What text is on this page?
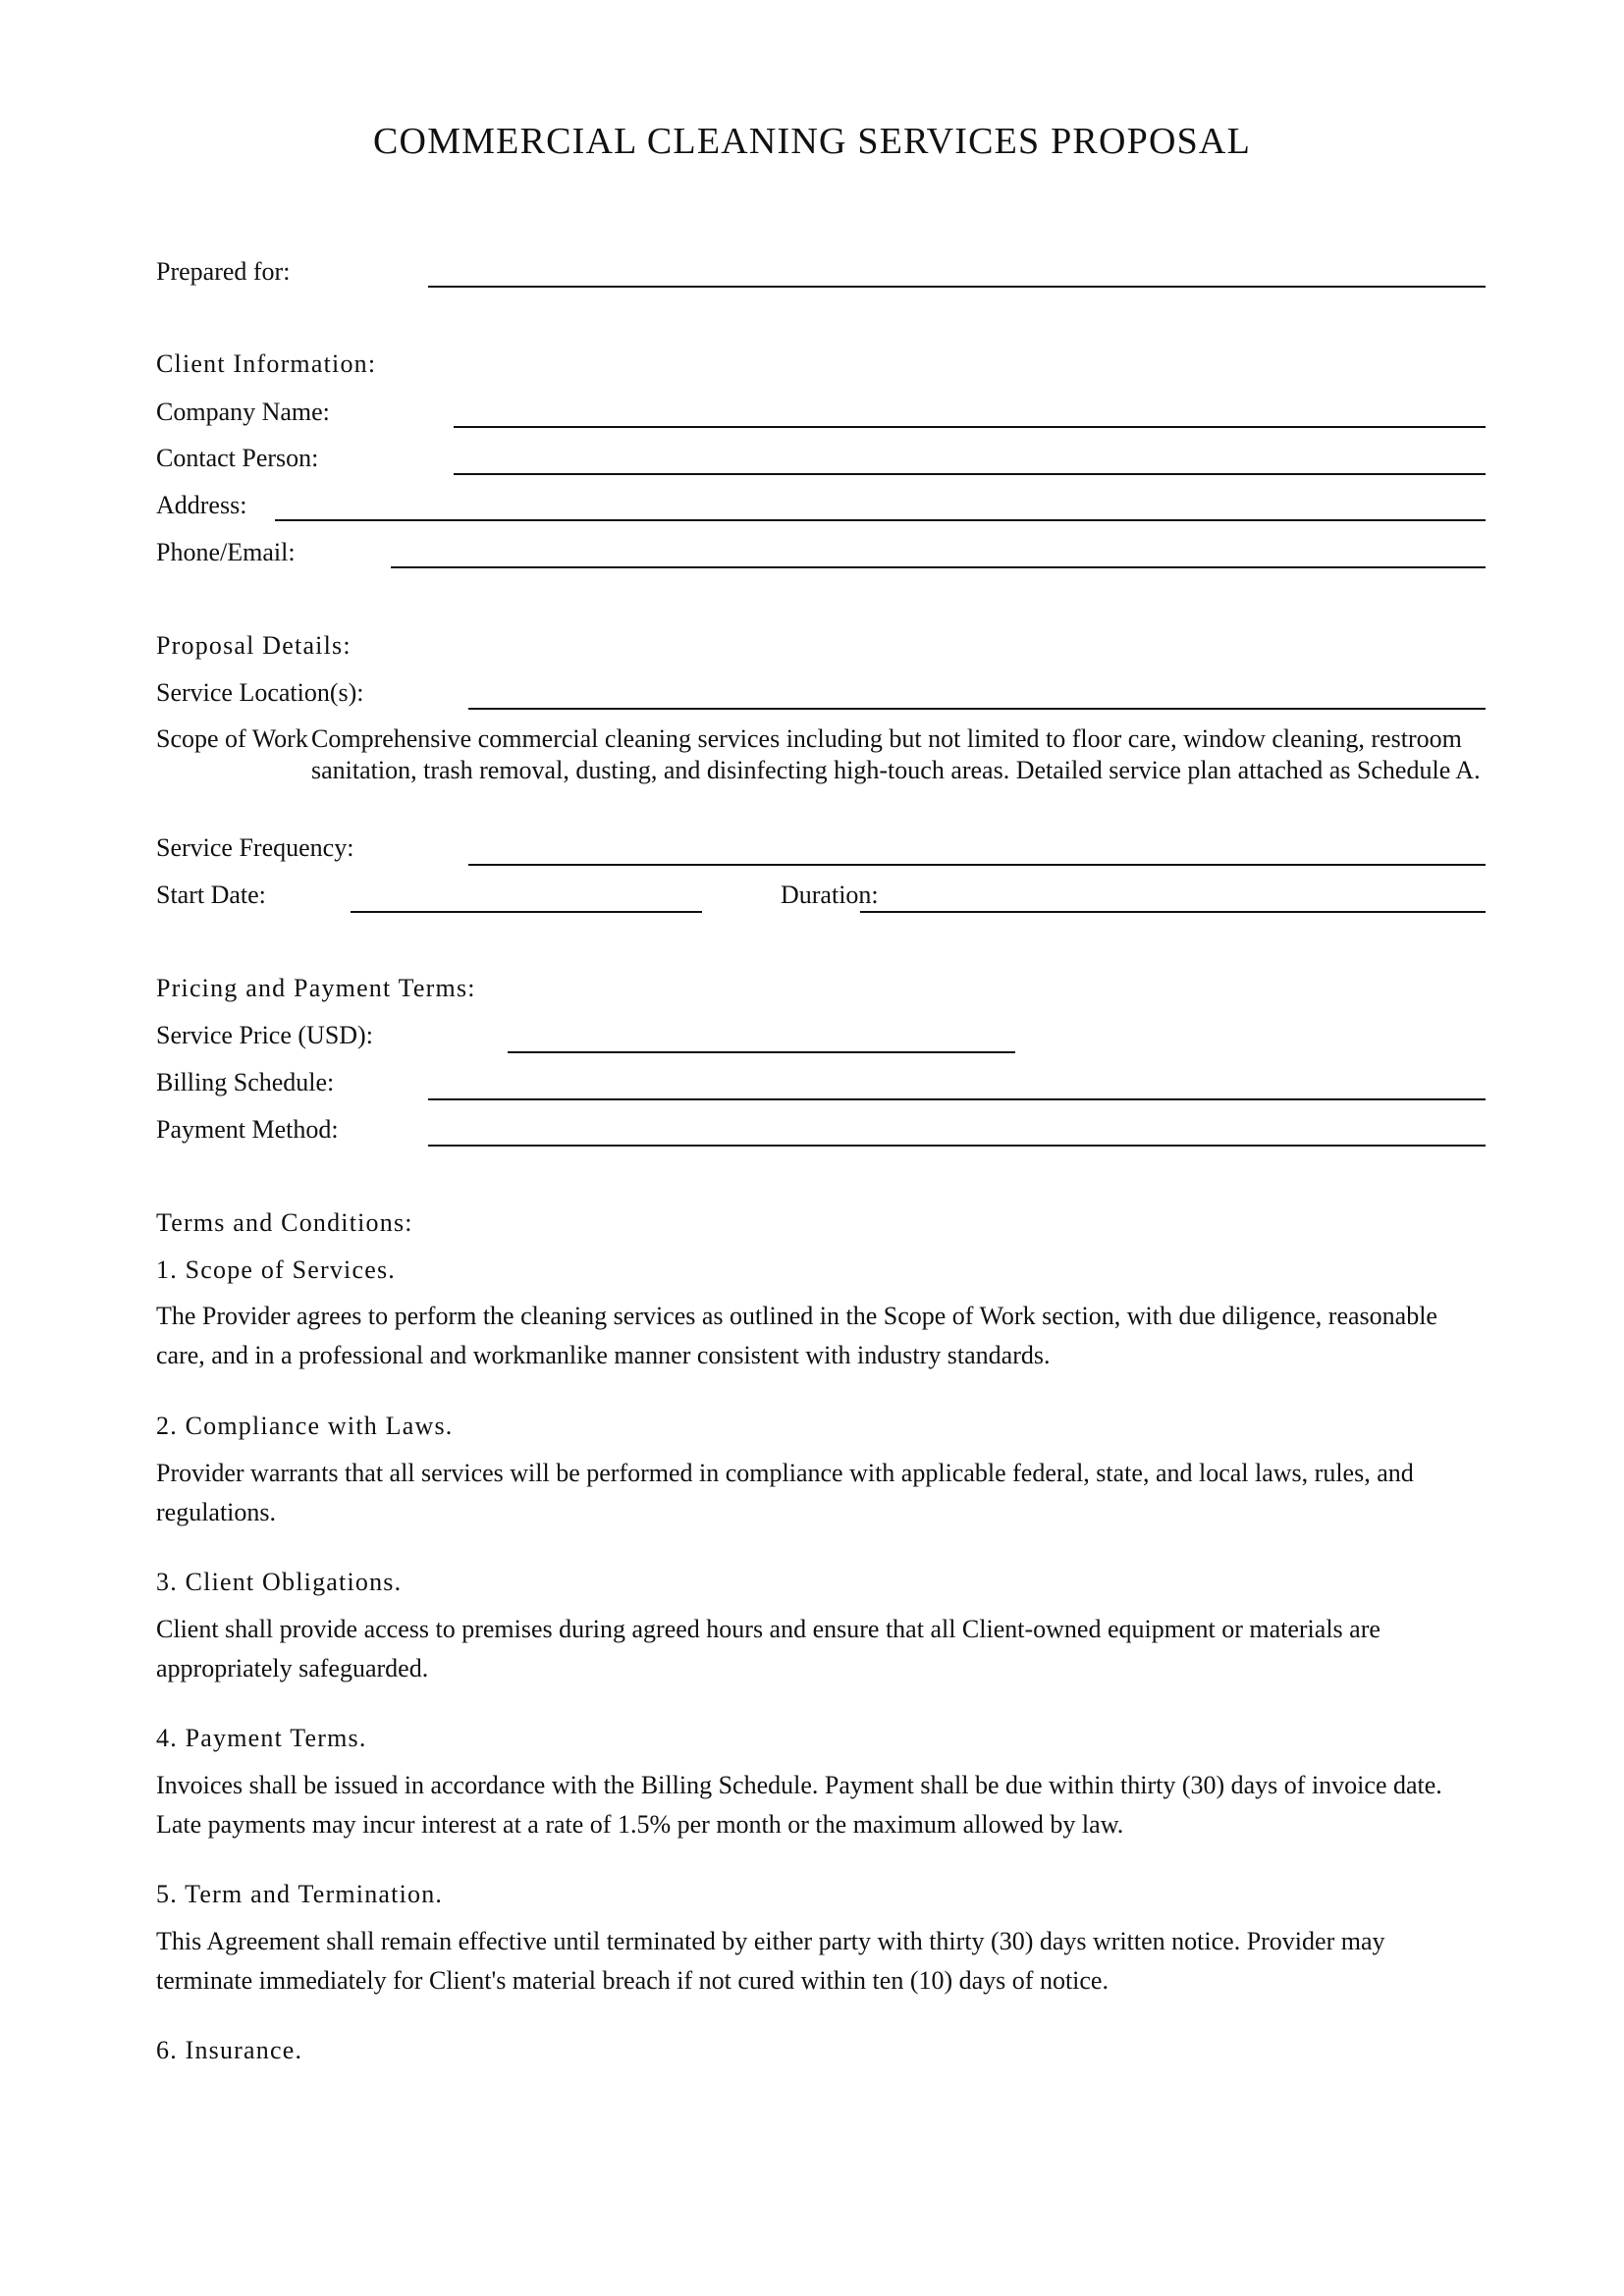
COMMERCIAL CLEANING SERVICES PROPOSAL
Prepared for:
Client Information:
Company Name:
Contact Person:
Address:
Phone/Email:
Proposal Details:
Service Location(s):
Scope of Work Comprehensive commercial cleaning services including but not limited to floor care, window cleaning, restroom sanitation, trash removal, dusting, and disinfecting high-touch areas. Detailed service plan attached as Schedule A.
Service Frequency:
Start Date:	Duration:
Pricing and Payment Terms:
Service Price (USD):
Billing Schedule:
Payment Method:
Terms and Conditions:
1. Scope of Services.
The Provider agrees to perform the cleaning services as outlined in the Scope of Work section, with due diligence, reasonable care, and in a professional and workmanlike manner consistent with industry standards.
2. Compliance with Laws.
Provider warrants that all services will be performed in compliance with applicable federal, state, and local laws, rules, and regulations.
3. Client Obligations.
Client shall provide access to premises during agreed hours and ensure that all Client-owned equipment or materials are appropriately safeguarded.
4. Payment Terms.
Invoices shall be issued in accordance with the Billing Schedule. Payment shall be due within thirty (30) days of invoice date. Late payments may incur interest at a rate of 1.5% per month or the maximum allowed by law.
5. Term and Termination.
This Agreement shall remain effective until terminated by either party with thirty (30) days written notice. Provider may terminate immediately for Client's material breach if not cured within ten (10) days of notice.
6. Insurance.
